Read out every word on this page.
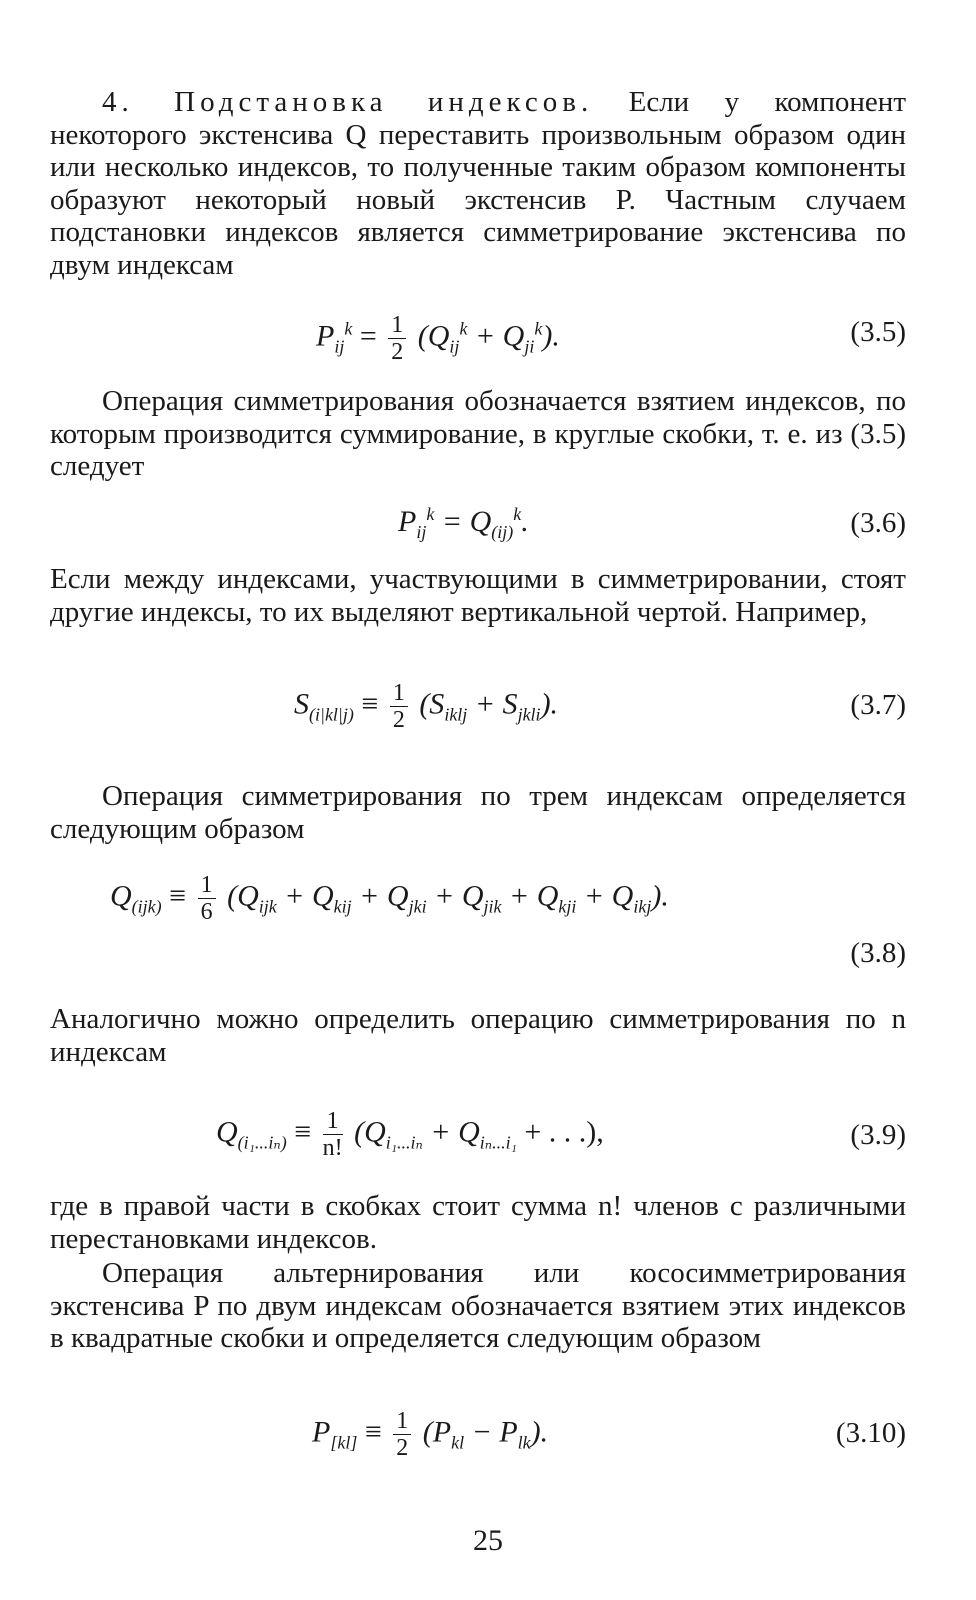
4. Подстановка индексов. Если у компонент некоторого экстенсива Q переставить произвольным образом один или несколько индексов, то полученные таким образом компоненты образуют некоторый новый экстенсив P. Частным случаем подстановки индексов является симметрирование экстенсива по двум индексам
$P_{ij}^k = \frac{1}{2} (Q_{ij}^k + Q_{ji}^k)$.	(3.5)
Операция симметрирования обозначается взятием индексов, по которым производится суммирование, в круглые скобки, т. е. из (3.5) следует
$P_{ij}^k = Q_{(ij)}^k$.	(3.6)
Если между индексами, участвующими в симметрировании, стоят другие индексы, то их выделяют вертикальной чертой. Например,
$S_{(i|kl|j)} \equiv \frac{1}{2} (S_{iklj} + S_{jkli})$.	(3.7)
Операция симметрирования по трем индексам определяется следующим образом
$Q_{(ijk)} \equiv \frac{1}{6} (Q_{ijk} + Q_{kij} + Q_{jki} + Q_{jik} + Q_{kji} + Q_{ikj})$.
(3.8)
Аналогично можно определить операцию симметрирования по n индексам
$Q_{(i_1...i_n)} \equiv \frac{1}{n!} (Q_{i_1...i_n} + Q_{i_n...i_1}$ + . . .),	(3.9)
где в правой части в скобках стоит сумма n! членов с различными перестановками индексов.
Операция альтернирования или кососимметрирования экстенсива P по двум индексам обозначается взятием этих индексов в квадратные скобки и определяется следующим образом
$P_{[kl]} \equiv \frac{1}{2} (P_{kl} - P_{lk})$.	(3.10)
25
